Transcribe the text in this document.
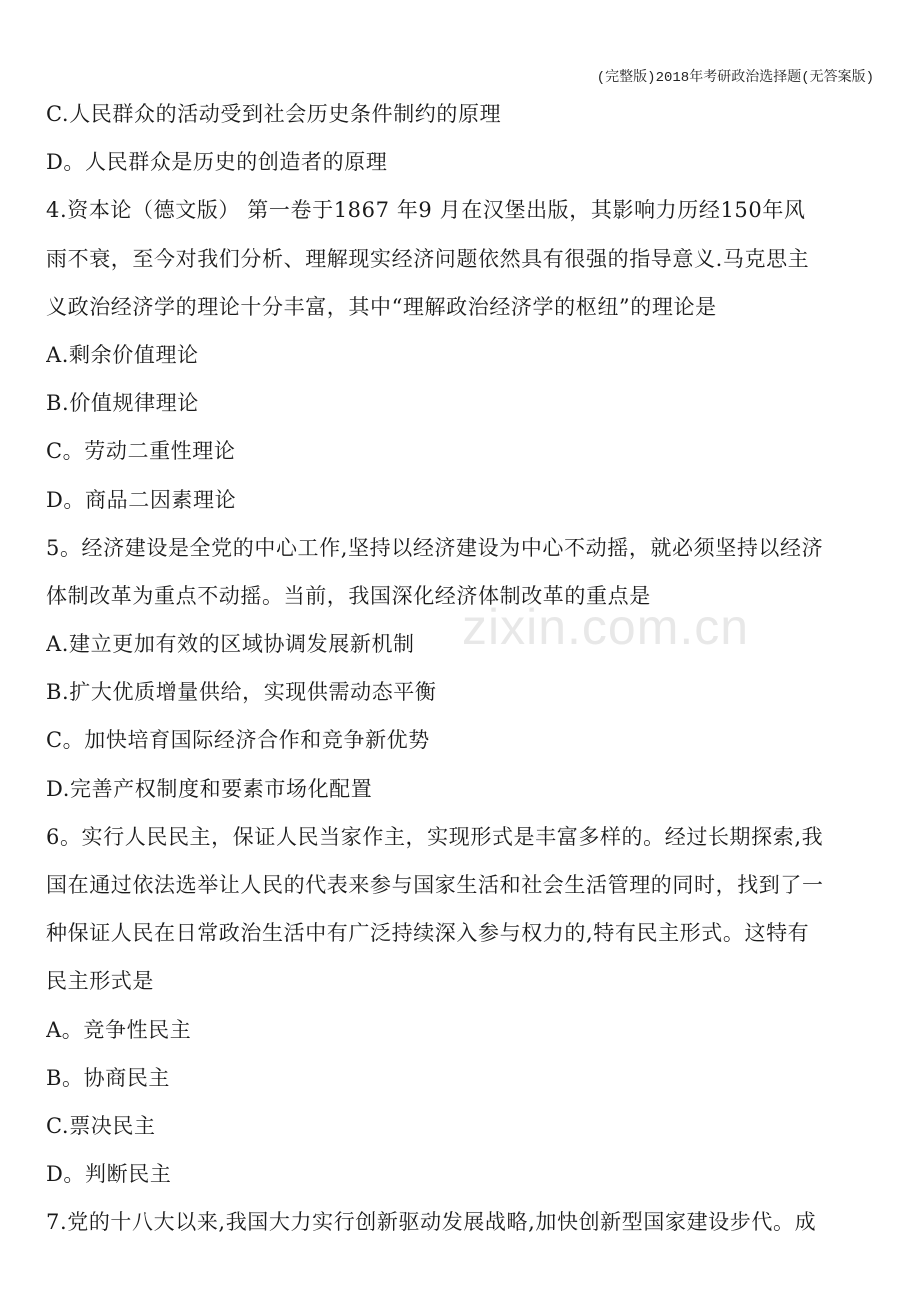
(完整版)2018年考研政治选择题(无答案版)
zixin.com.cn
C.人民群众的活动受到社会历史条件制约的原理
D。人民群众是历史的创造者的原理
4.资本论（德文版） 第一卷于1867 年9 月在汉堡出版，其影响力历经150年风
雨不衰，至今对我们分析、理解现实经济问题依然具有很强的指导意义.马克思主
义政治经济学的理论十分丰富，其中“理解政治经济学的枢纽”的理论是
A.剩余价值理论
B.价值规律理论
C。劳动二重性理论
D。商品二因素理论
5。经济建设是全党的中心工作,坚持以经济建设为中心不动摇，就必须坚持以经济
体制改革为重点不动摇。当前，我国深化经济体制改革的重点是
A.建立更加有效的区域协调发展新机制
B.扩大优质增量供给，实现供需动态平衡
C。加快培育国际经济合作和竞争新优势
D.完善产权制度和要素市场化配置
6。实行人民民主，保证人民当家作主，实现形式是丰富多样的。经过长期探索,我
国在通过依法选举让人民的代表来参与国家生活和社会生活管理的同时，找到了一
种保证人民在日常政治生活中有广泛持续深入参与权力的,特有民主形式。这特有
民主形式是
A。竞争性民主
B。协商民主
C.票决民主
D。判断民主
7.党的十八大以来,我国大力实行创新驱动发展战略,加快创新型国家建设步代。成
